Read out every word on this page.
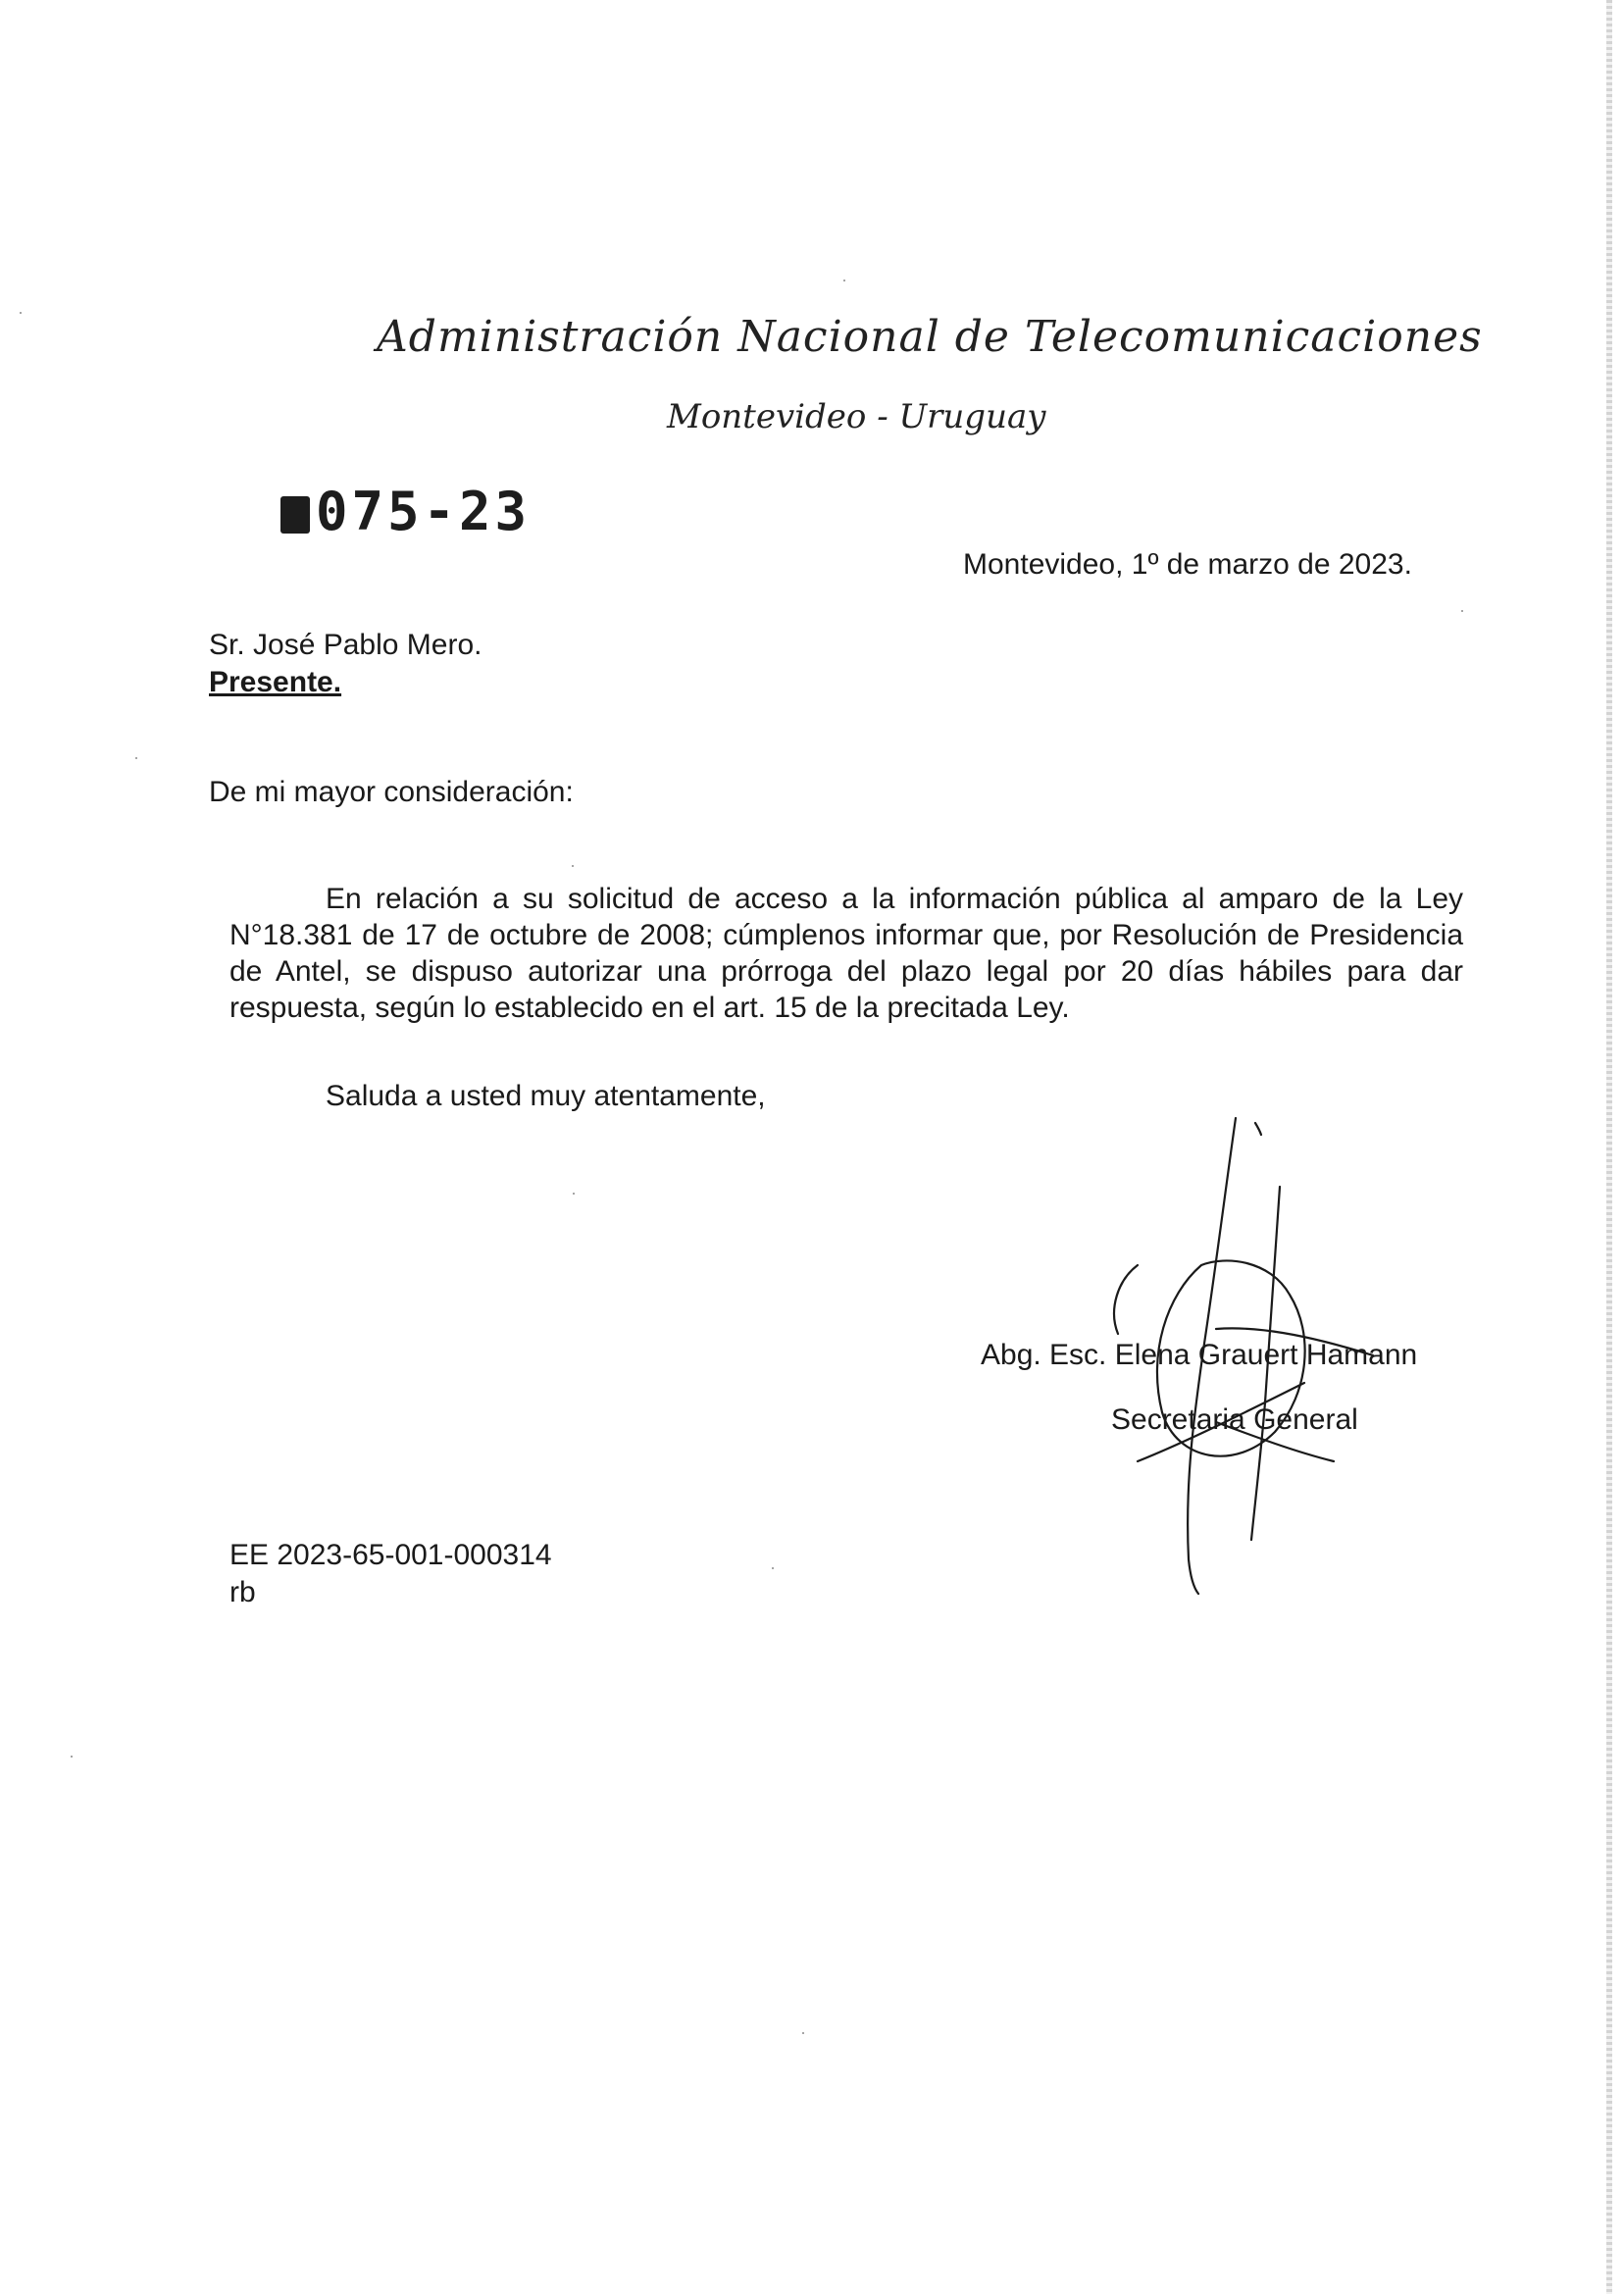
Administración Nacional de Telecomunicaciones
Montevideo - Uruguay
075-23
Montevideo, 1º de marzo de 2023.
Sr. José Pablo Mero.
Presente.
De mi mayor consideración:
En relación a su solicitud de acceso a la información pública al amparo de la Ley N°18.381 de 17 de octubre de 2008; cúmplenos informar que, por Resolución de Presidencia de Antel, se dispuso autorizar una prórroga del plazo legal por 20 días hábiles para dar respuesta, según lo establecido en el art. 15 de la precitada Ley.
Saluda a usted muy atentamente,
Abg. Esc. Elena Grauert Hamann
Secretaria General
EE 2023-65-001-000314
rb
